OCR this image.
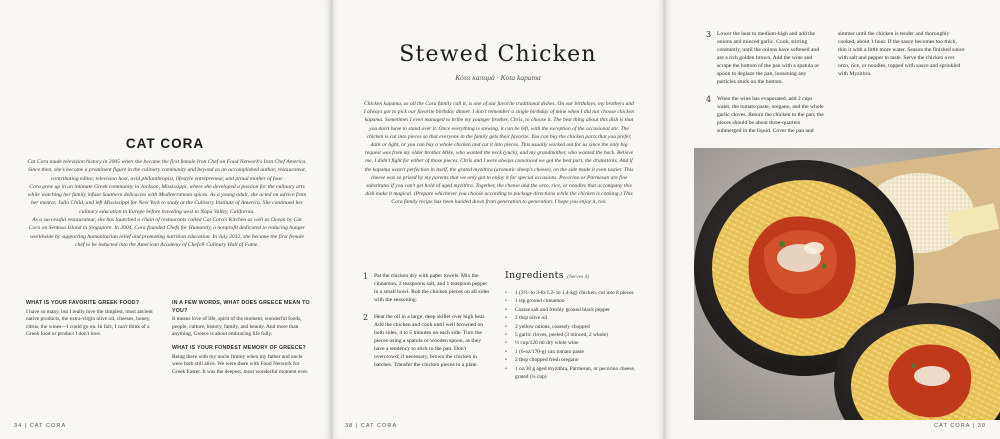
CAT CORA

Cat Cora made television history in 2005 when she became the first female Iron Chef on Food Network's Iron Chef America. Since then, she's become a prominent figure in the culinary community and beyond as an accomplished author, restaurateur, contributing editor, television host, avid philanthropist, lifestyle entrepreneur, and proud mother of four.

Cora grew up in an intimate Greek community in Jackson, Mississippi, where she developed a passion for the culinary arts while watching her family infuse Southern delicacies with Mediterranean spices. As a young adult, she acted on advice from her mentor, Julia Child, and left Mississippi for New York to study at the Culinary Institute of America. She continued her culinary education in Europe before traveling west to Napa Valley, California.

As a successful restaurateur, she has launched a chain of restaurants called Cat Cora's Kitchen as well as Ocean by Cat Cora on Sentosa Island in Singapore. In 2004, Cora founded Chefs for Humanity, a nonprofit dedicated to reducing hunger worldwide by supporting humanitarian relief and promoting nutrition education. In July 2012, she became the first female chef to be inducted into the American Academy of Chefs® Culinary Hall of Fame.

WHAT IS YOUR FAVORITE GREEK FOOD?
I have so many, but I really love the simplest, most ancient native products, the extra-virgin olive oil, cheeses, honey, citrus, the wines—I could go on. In fact, I can't think of a Greek food or product I don't love.
IN A FEW WORDS, WHAT DOES GREECE MEAN TO YOU?
It means love of life, spirit of the moment, wonderful foods, people, culture, history, family, and beauty. And more than anything, Greece is about embracing life fully.
WHAT IS YOUR FONDEST MEMORY OF GREECE?
Being there with my uncle Jimmy when my father and uncle were both still alive. We were there with Food Network for Greek Easter. It was the deepest, most wonderful moment ever.
34 | CAT CORA
Stewed Chicken
Κότα κaπαμά · Kota kapama

Chicken kapama, as all the Cora family call it, is one of our favorite traditional dishes. On our birthdays, my brothers and I always got to pick our favorite birthday dinner. I don't remember a single birthday of mine when I did not choose chicken kapama. Sometimes I even managed to bribe my younger brother, Chris, to choose it. The best thing about this dish is that you don't have to stand over it. Once everything is stewing, it can be left, with the exception of the occasional stir. The chicken is cut into pieces so that everyone in the family gets their favorite. You can buy the chicken parts that you prefer, dark or light, or you can buy a whole chicken and cut it into pieces. This usually worked out for us since the only big request was from my older brother Mike, who wanted the neck (yuck), and my grandmother, who wanted the back. Believe me, I didn't fight for either of those pieces. Chris and I were always convinced we got the best part, the drumsticks. And if the kapama wasn't perfection in itself, the grated myzithra (aromatic sheep's cheese), on the side made it even tastier. This cheese was so prized by my parents that we only got to enjoy it for special occasions. Pecorino or Parmesan are fine substitutes if you can't get hold of aged myzithra. Together, the cheese and the orzo, rice, or noodles that accompany this dish make it magical. (Prepare whichever you choose according to package directions while the chicken is cooking.) This Cora family recipe has been handed down from generation to generation. I hope you enjoy it, too.

1	Pat the chicken dry with paper towels. Mix the cinnamon, 2 teaspoons salt, and 1 teaspoon pepper in a small bowl. Rub the chicken pieces on all sides with the seasoning.
2	Heat the oil in a large, deep skillet over high heat. Add the chicken and cook until well browned on both sides, 4 to 5 minutes on each side. Turn the pieces using a spatula or wooden spoon, as they have a tendency to stick to the pan. Don't overcrowd; if necessary, brown the chicken in batches. Transfer the chicken pieces to a plate.
Ingredients (Serves 4)
•	1 (2½- to 3-lb/1.2- to 1.4-kg) chicken, cut into 8 pieces
•	1 tsp ground cinnamon
•	Coarse salt and freshly ground black pepper
•	2 tbsp olive oil
•	2 yellow onions, coarsely chopped
•	5 garlic cloves, peeled (3 minced, 2 whole)
•	½ cup/120 ml dry white wine
•	1 (6-oz/170-g) can tomato paste
•	2 tbsp chopped fresh oregano
•	1 oz/30 g aged myzithra, Parmesan, or pecorino cheese, grated (¼ cup)
38 | CAT CORA
3	Lower the heat to medium-high and add the onions and minced garlic. Cook, stirring constantly, until the onions have softened and are a rich golden brown. Add the wine and scrape the bottom of the pan with a spatula or spoon to deglaze the pan, loosening any particles stuck on the bottom.
4	When the wine has evaporated, add 2 cups water, the tomato paste, oregano, and the whole garlic cloves. Return the chicken to the pan; the pieces should be about three-quarters submerged in the liquid. Cover the pan and
simmer until the chicken is tender and thoroughly cooked, about 1 hour. If the sauce becomes too thick, thin it with a little more water. Season the finished sauce with salt and pepper to taste. Serve the chicken over orzo, rice, or noodles, topped with sauce and sprinkled with Myzithra.
CAT CORA | 39
